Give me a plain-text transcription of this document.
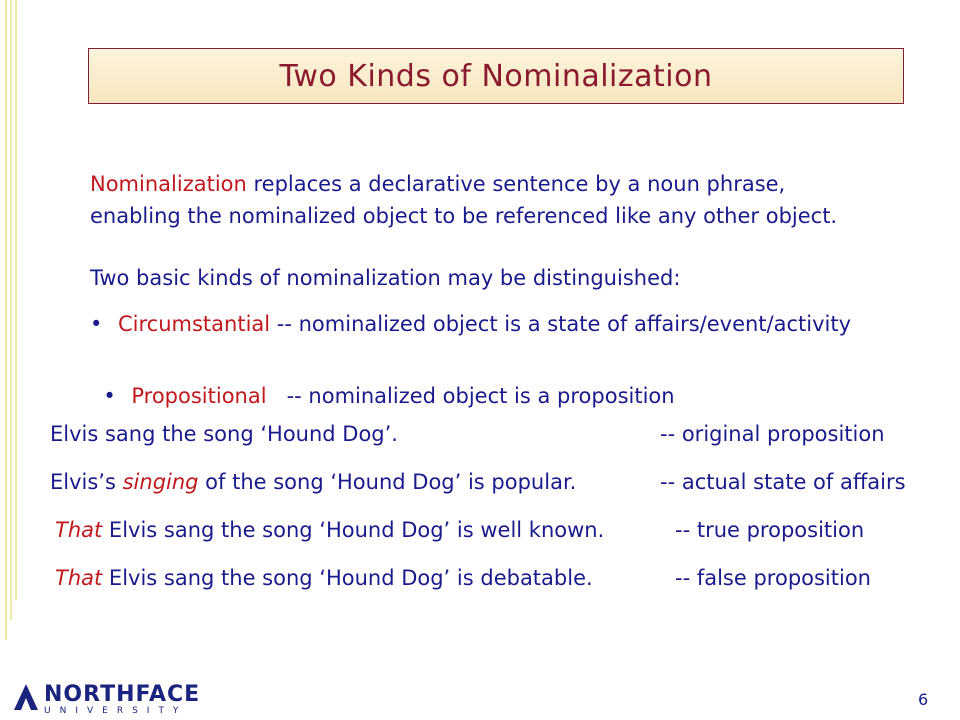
Two Kinds of Nominalization
Nominalization replaces a declarative sentence by a noun phrase,
enabling the nominalized object to be referenced like any other object.
Two basic kinds of nominalization may be distinguished:
• Circumstantial -- nominalized object is a state of affairs/event/activity

• Propositional   -- nominalized object is a proposition

Elvis sang the song ‘Hound Dog’.	-- original proposition
Elvis’s singing of the song ‘Hound Dog’ is popular.	-- actual state of affairs
That Elvis sang the song ‘Hound Dog’ is well known.	-- true proposition
That Elvis sang the song ‘Hound Dog’ is debatable.	-- false proposition
NORTHFACE
UNIVERSITY
6
